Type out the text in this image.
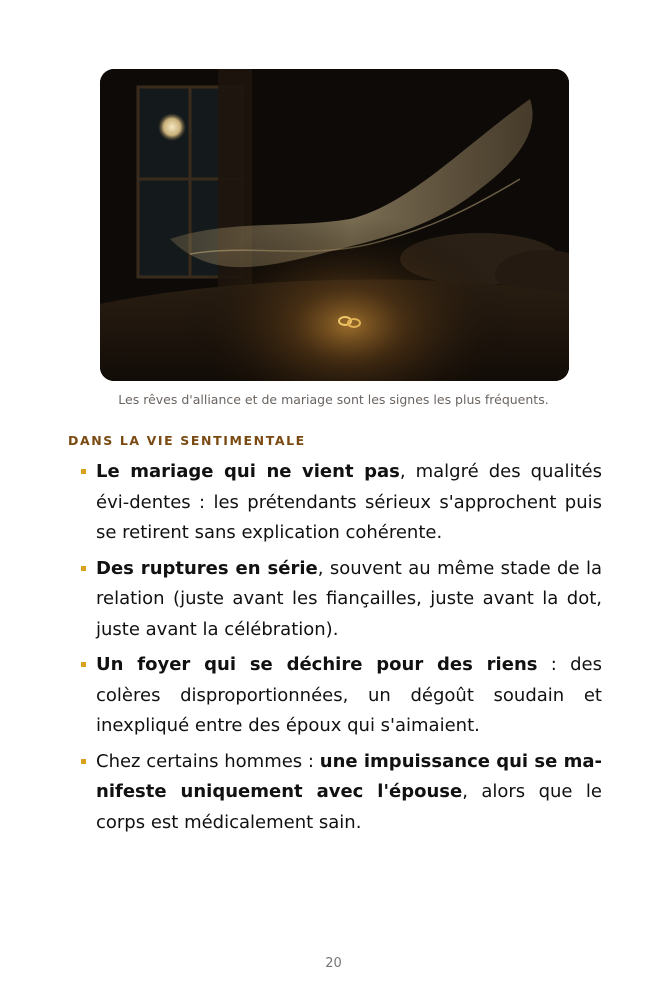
Les rêves d'alliance et de mariage sont les signes les plus fréquents.
DANS LA VIE SENTIMENTALE
Le mariage qui ne vient pas, malgré des qualités évi-dentes : les prétendants sérieux s'approchent puis se retirent sans explication cohérente.
Des ruptures en série, souvent au même stade de la relation (juste avant les fiançailles, juste avant la dot, juste avant la célébration).
Un foyer qui se déchire pour des riens : des colères disproportionnées, un dégoût soudain et inexpliqué entre des époux qui s'aimaient.
Chez certains hommes : une impuissance qui se ma-nifeste uniquement avec l'épouse, alors que le corps est médicalement sain.
20
